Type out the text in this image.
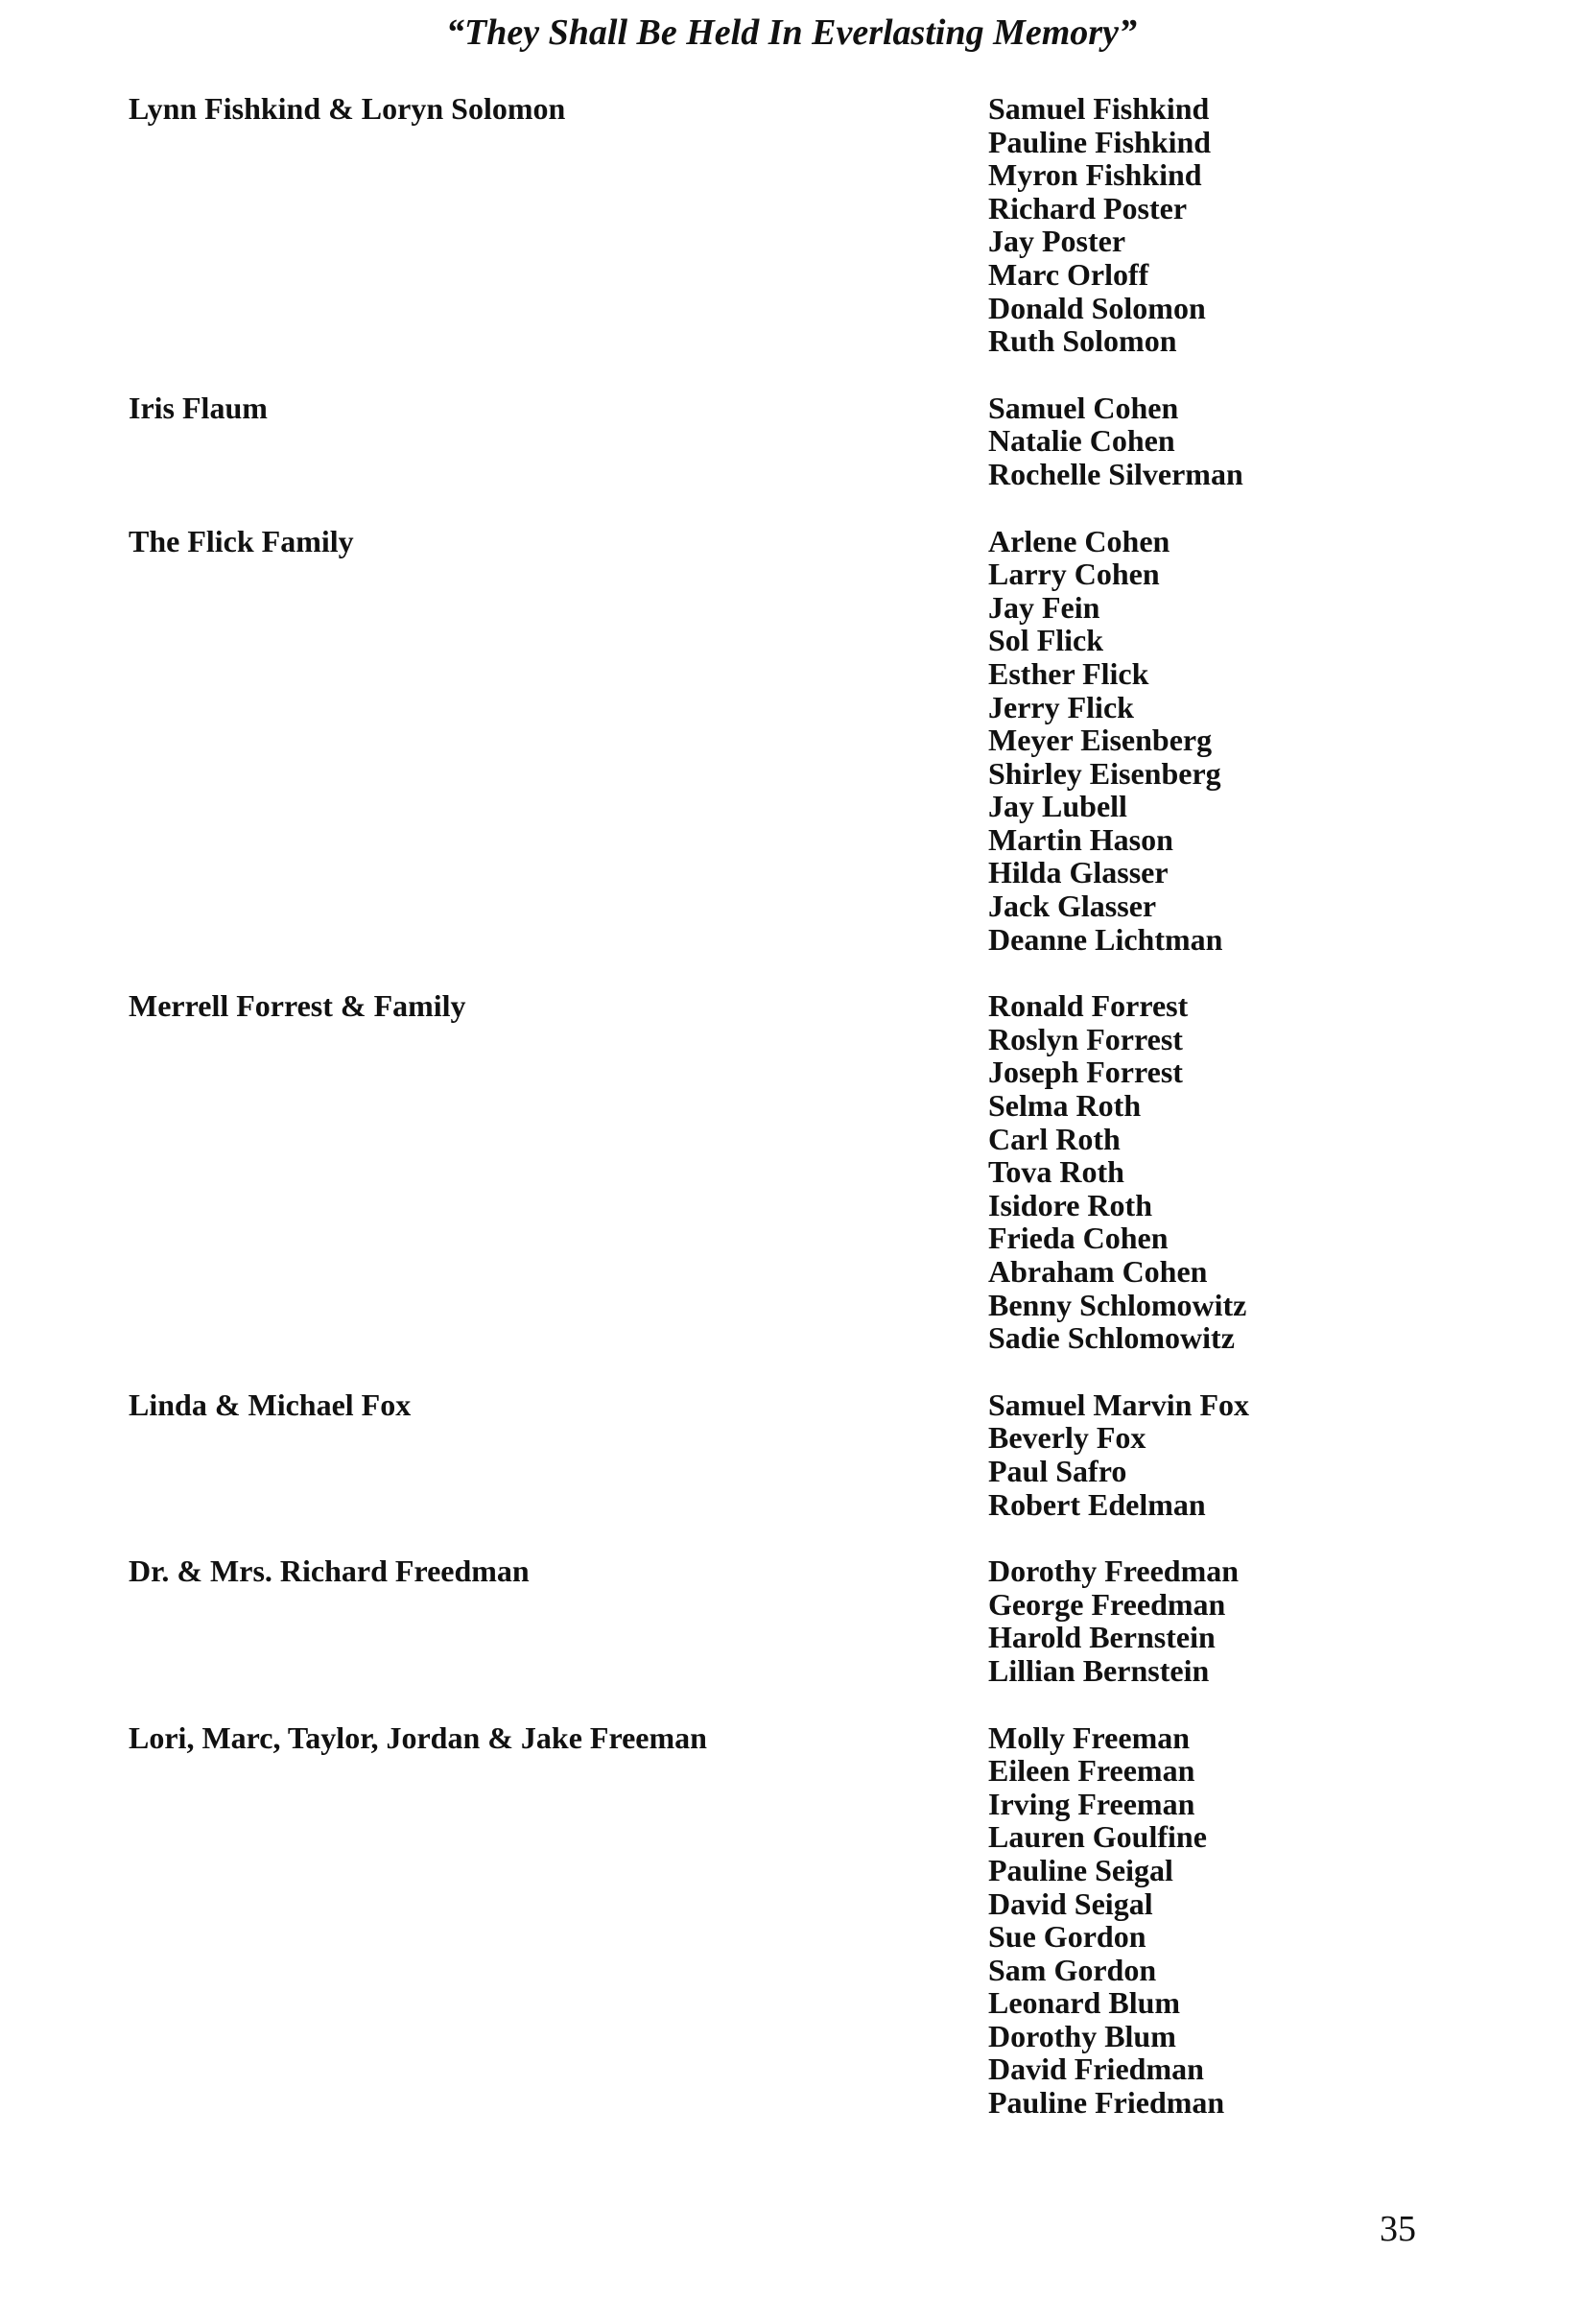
“They Shall Be Held In Everlasting Memory”
Lynn Fishkind & Loryn Solomon	Samuel Fishkind
Pauline Fishkind
Myron Fishkind
Richard Poster
Jay Poster
Marc Orloff
Donald Solomon
Ruth Solomon
Iris Flaum	Samuel Cohen
Natalie Cohen
Rochelle Silverman
The Flick Family	Arlene Cohen
Larry Cohen
Jay Fein
Sol Flick
Esther Flick
Jerry Flick
Meyer Eisenberg
Shirley Eisenberg
Jay Lubell
Martin Hason
Hilda Glasser
Jack Glasser
Deanne Lichtman
Merrell Forrest & Family	Ronald Forrest
Roslyn Forrest
Joseph Forrest
Selma Roth
Carl Roth
Tova Roth
Isidore Roth
Frieda Cohen
Abraham Cohen
Benny Schlomowitz
Sadie Schlomowitz
Linda & Michael Fox	Samuel Marvin Fox
Beverly Fox
Paul Safro
Robert Edelman
Dr. & Mrs. Richard Freedman	Dorothy Freedman
George Freedman
Harold Bernstein
Lillian Bernstein
Lori, Marc, Taylor, Jordan & Jake Freeman	Molly Freeman
Eileen Freeman
Irving Freeman
Lauren Goulfine
Pauline Seigal
David Seigal
Sue Gordon
Sam Gordon
Leonard Blum
Dorothy Blum
David Friedman
Pauline Friedman
35
